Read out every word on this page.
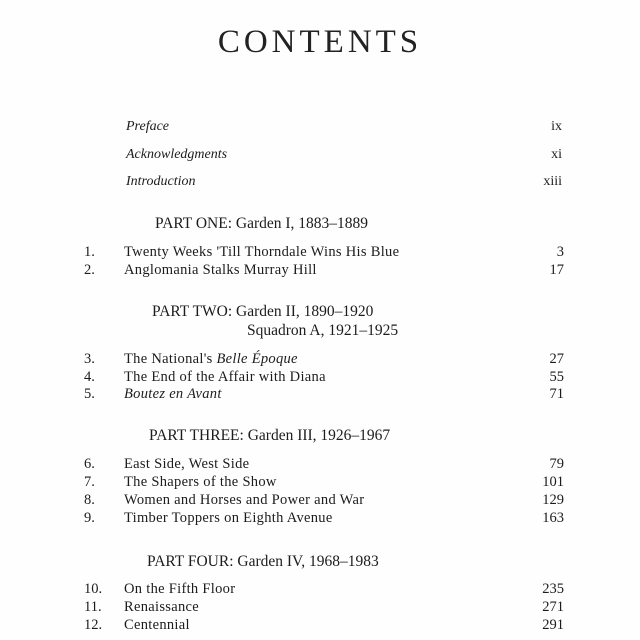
CONTENTS
Preface	ix
Acknowledgments	xi
Introduction	xiii
PART ONE: Garden I, 1883–1889
1. Twenty Weeks 'Till Thorndale Wins His Blue	3
2. Anglomania Stalks Murray Hill	17
PART TWO: Garden II, 1890–1920
Squadron A, 1921–1925
3. The National's Belle Époque	27
4. The End of the Affair with Diana	55
5. Boutez en Avant	71
PART THREE: Garden III, 1926–1967
6. East Side, West Side	79
7. The Shapers of the Show	101
8. Women and Horses and Power and War	129
9. Timber Toppers on Eighth Avenue	163
PART FOUR: Garden IV, 1968–1983
10. On the Fifth Floor	235
11. Renaissance	271
12. Centennial	291
